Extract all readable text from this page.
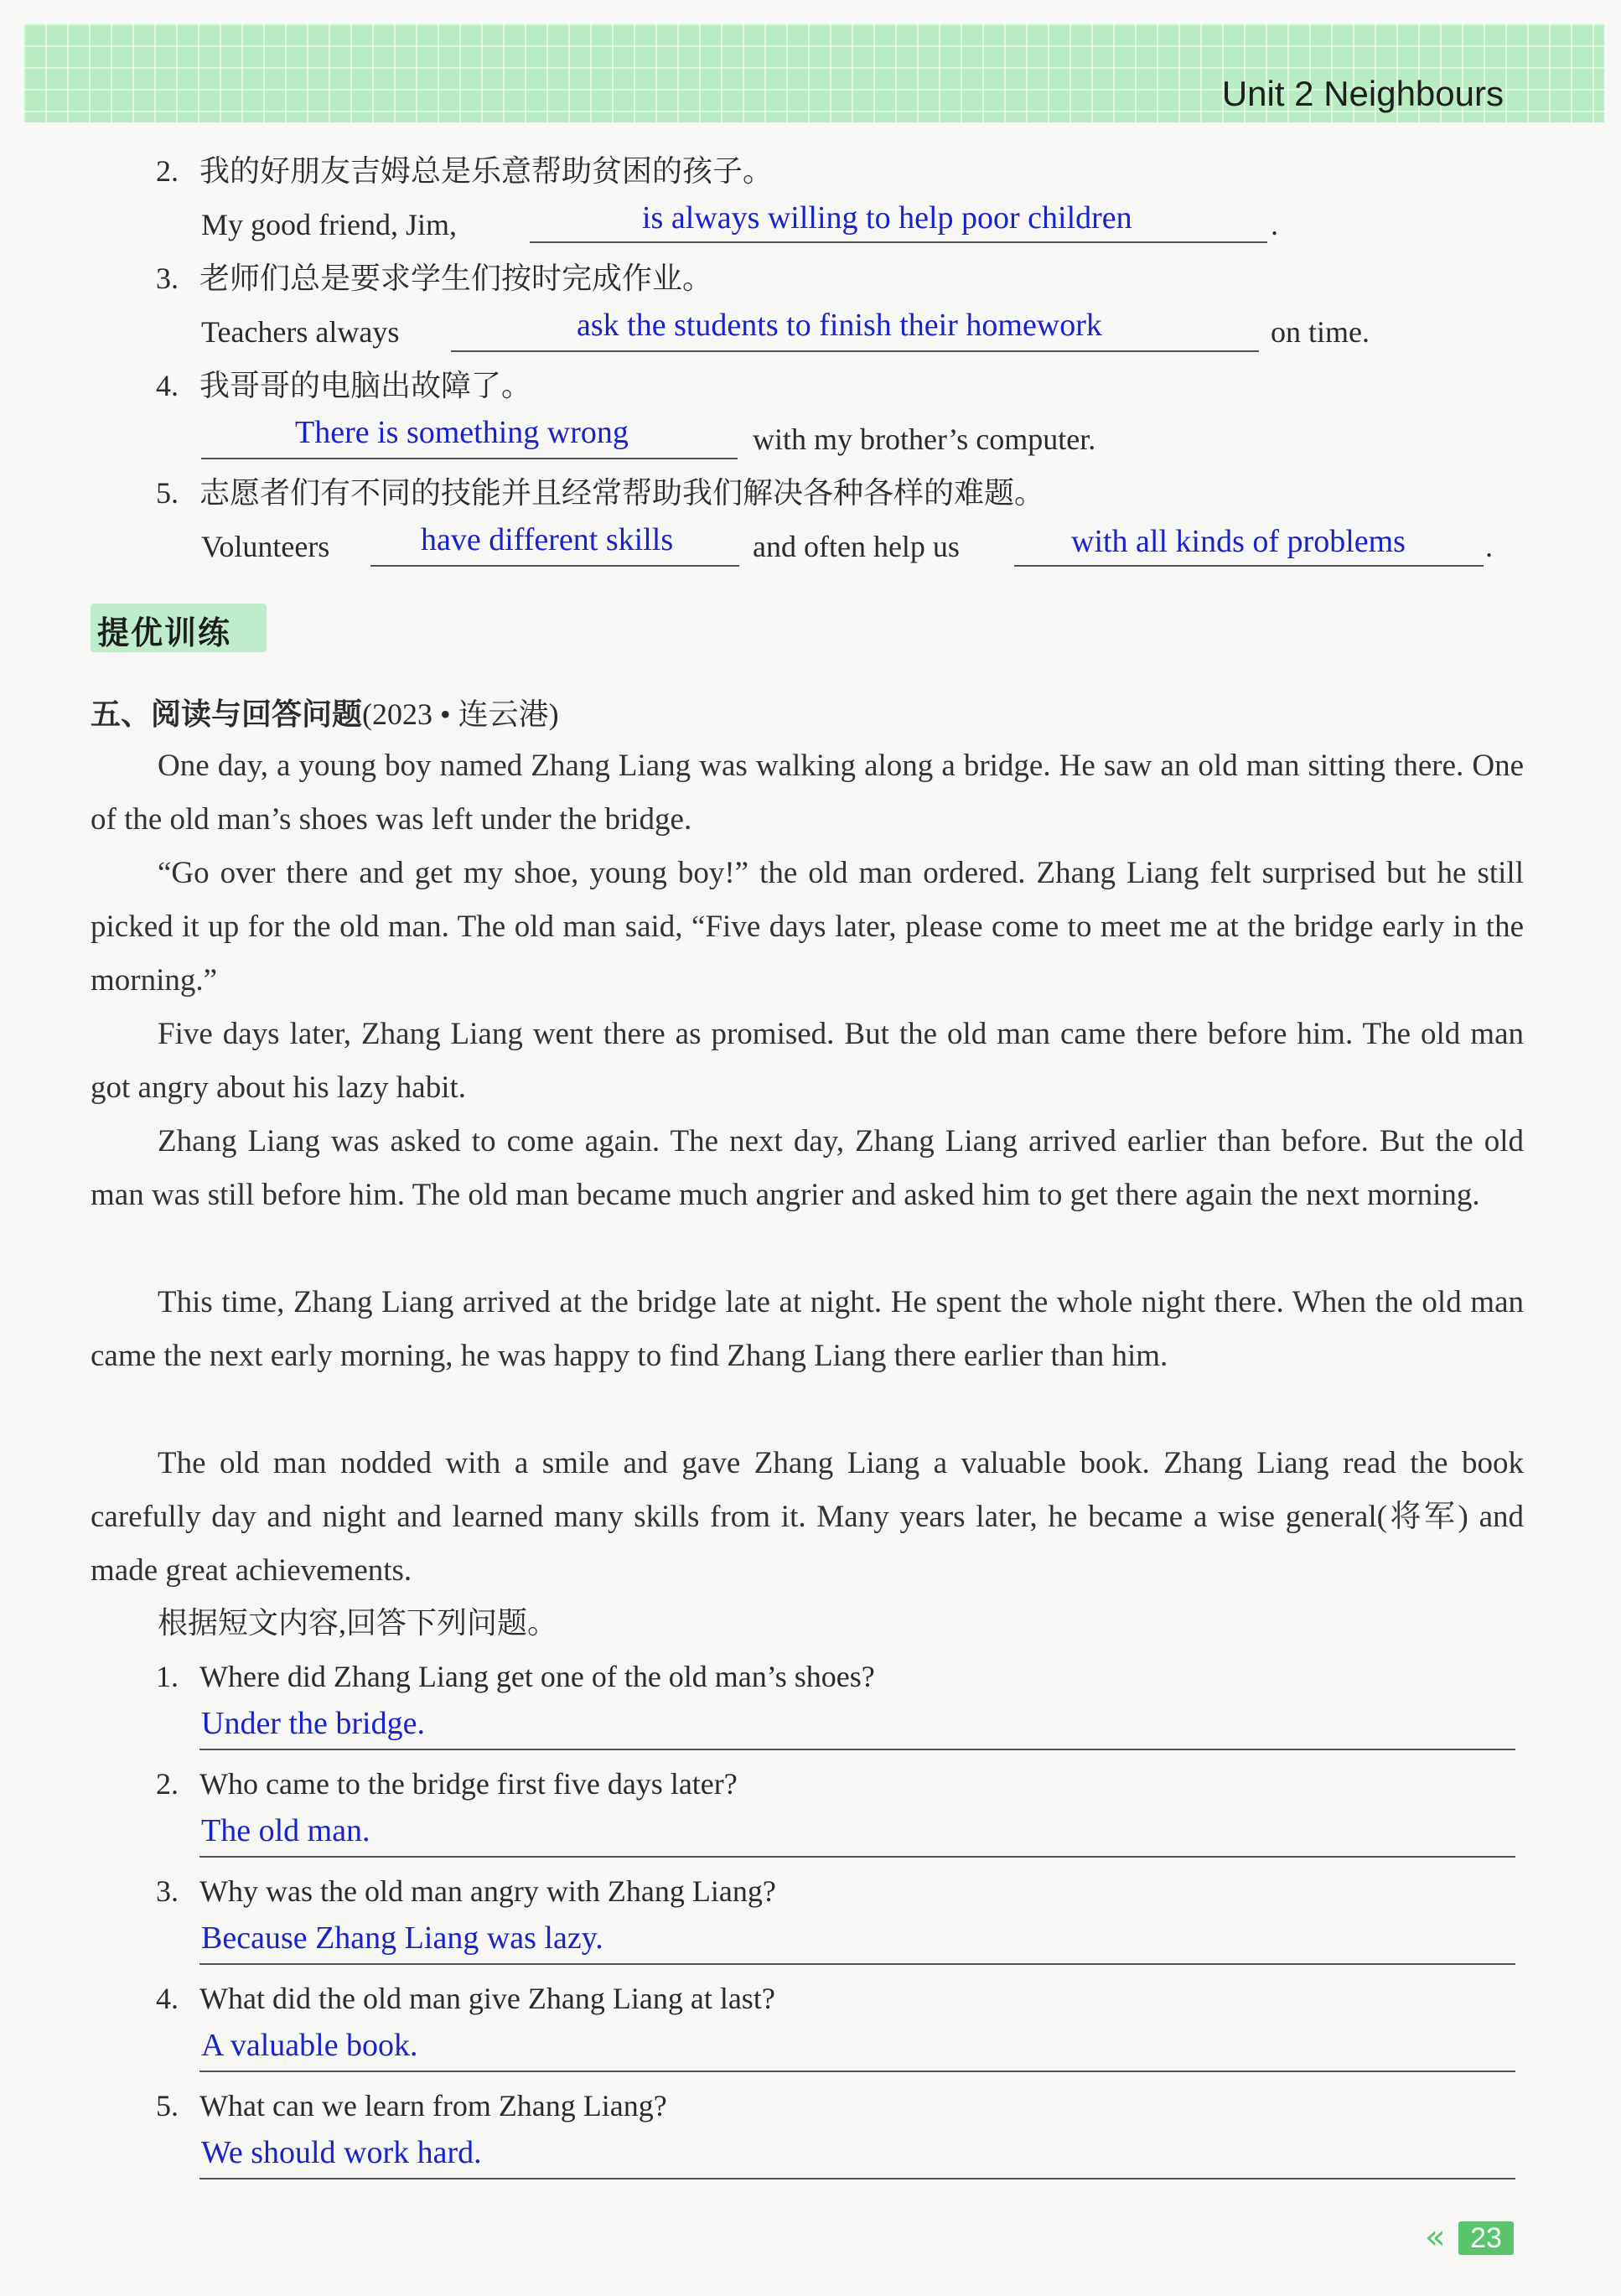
Unit 2 Neighbours
2. 我的好朋友吉姆总是乐意帮助贫困的孩子。
My good friend, Jim,	is always willing to help poor children	.
3. 老师们总是要求学生们按时完成作业。
Teachers always	ask the students to finish their homework	on time.
4. 我哥哥的电脑出故障了。
There is something wrong	with my brother’s computer.
5. 志愿者们有不同的技能并且经常帮助我们解决各种各样的难题。
Volunteers	have different skills	and often help us	with all kinds of problems	.
提优训练
五、阅读与回答问题(2023 • 连云港)
One day, a young boy named Zhang Liang was walking along a bridge. He saw an old man sitting there. One of the old man’s shoes was left under the bridge.
“Go over there and get my shoe, young boy!” the old man ordered. Zhang Liang felt surprised but he still picked it up for the old man. The old man said, “Five days later, please come to meet me at the bridge early in the morning.”
Five days later, Zhang Liang went there as promised. But the old man came there before him. The old man got angry about his lazy habit.
Zhang Liang was asked to come again. The next day, Zhang Liang arrived earlier than before. But the old man was still before him. The old man became much angrier and asked him to get there again the next morning.
This time, Zhang Liang arrived at the bridge late at night. He spent the whole night there. When the old man came the next early morning, he was happy to find Zhang Liang there earlier than him.
The old man nodded with a smile and gave Zhang Liang a valuable book. Zhang Liang read the book carefully day and night and learned many skills from it. Many years later, he became a wise general(将军) and made great achievements.
根据短文内容,回答下列问题。
1. Where did Zhang Liang get one of the old man’s shoes?
Under the bridge.
2. Who came to the bridge first five days later?
The old man.
3. Why was the old man angry with Zhang Liang?
Because Zhang Liang was lazy.
4. What did the old man give Zhang Liang at last?
A valuable book.
5. What can we learn from Zhang Liang?
We should work hard.
« 23
